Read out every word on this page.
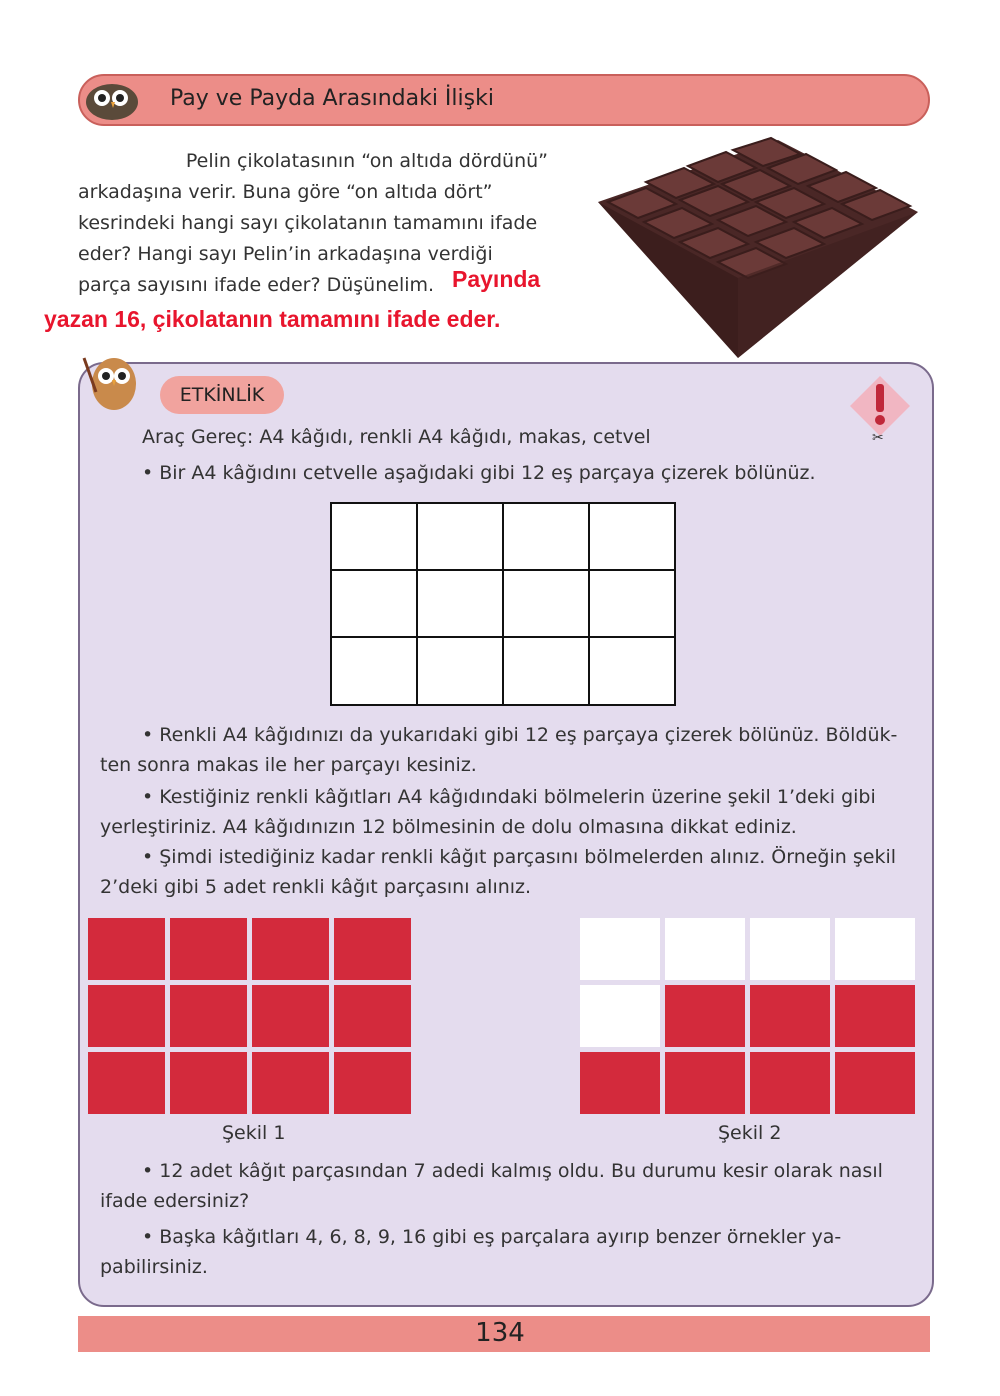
Pay ve Payda Arasındaki İlişki
Pelin çikolatasının “on altıda dördünü”
arkadaşına verir. Buna göre “on altıda dört”
kesrindeki hangi sayı çikolatanın tamamını ifade
eder? Hangi sayı Pelin’in arkadaşına verdiği
parça sayısını ifade eder? Düşünelim. Payında
yazan 16, çikolatanın tamamını ifade eder.
ETKİNLİK
✂
Araç Gereç: A4 kâğıdı, renkli A4 kâğıdı, makas, cetvel
• Bir A4 kâğıdını cetvelle aşağıdaki gibi 12 eş parçaya çizerek bölünüz.
• Renkli A4 kâğıdınızı da yukarıdaki gibi 12 eş parçaya çizerek bölünüz. Böldük-
ten sonra makas ile her parçayı kesiniz.
• Kestiğiniz renkli kâğıtları A4 kâğıdındaki bölmelerin üzerine şekil 1’deki gibi
yerleştiriniz. A4 kâğıdınızın 12 bölmesinin de dolu olmasına dikkat ediniz.
• Şimdi istediğiniz kadar renkli kâğıt parçasını bölmelerden alınız. Örneğin şekil
2’deki gibi 5 adet renkli kâğıt parçasını alınız.
Şekil 1	Şekil 2
• 12 adet kâğıt parçasından 7 adedi kalmış oldu. Bu durumu kesir olarak nasıl
ifade edersiniz?
• Başka kâğıtları 4, 6, 8, 9, 16 gibi eş parçalara ayırıp benzer örnekler ya-
pabilirsiniz.
134
